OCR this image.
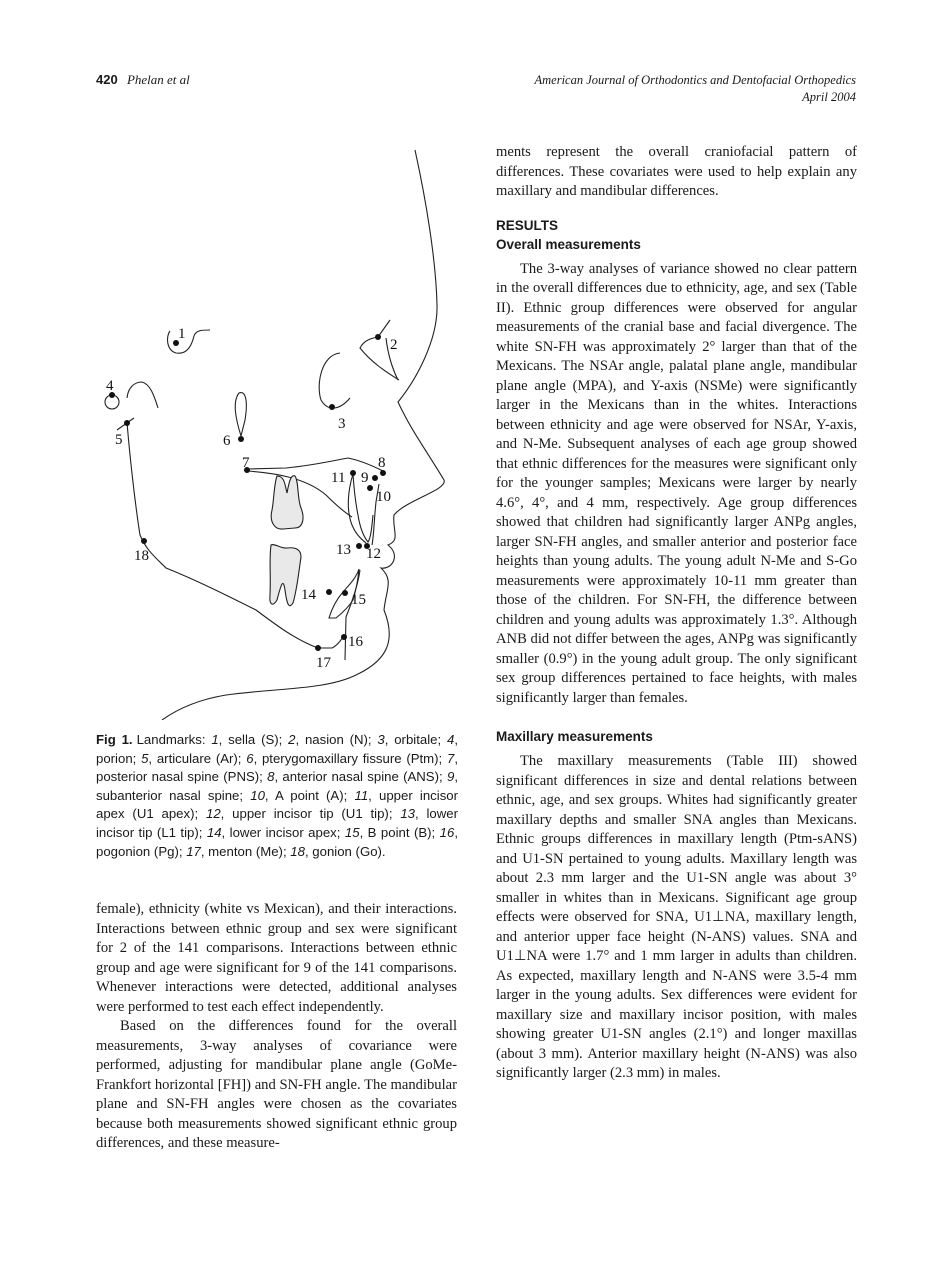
420 Phelan et al	American Journal of Orthodontics and Dentofacial Orthopedics
April 2004
1
2
3
4
5	6
7	8
9
10
11
12
13
14 15
16
17
18
Fig 1. Landmarks: 1, sella (S); 2, nasion (N); 3, orbitale; 4, porion; 5, articulare (Ar); 6, pterygomaxillary fissure (Ptm); 7, posterior nasal spine (PNS); 8, anterior nasal spine (ANS); 9, subanterior nasal spine; 10, A point (A); 11, upper incisor apex (U1 apex); 12, upper incisor tip (U1 tip); 13, lower incisor tip (L1 tip); 14, lower incisor apex; 15, B point (B); 16, pogonion (Pg); 17, menton (Me); 18, gonion (Go).

female), ethnicity (white vs Mexican), and their interactions. Interactions between ethnic group and sex were significant for 2 of the 141 comparisons. Interactions between ethnic group and age were significant for 9 of the 141 comparisons. Whenever interactions were detected, additional analyses were performed to test each effect independently.

Based on the differences found for the overall measurements, 3-way analyses of covariance were performed, adjusting for mandibular plane angle (GoMe-Frankfort horizontal [FH]) and SN-FH angle. The mandibular plane and SN-FH angles were chosen as the covariates because both measurements showed significant ethnic group differences, and these measure-

ments represent the overall craniofacial pattern of differences. These covariates were used to help explain any maxillary and mandibular differences.

RESULTS
Overall measurements

The 3-way analyses of variance showed no clear pattern in the overall differences due to ethnicity, age, and sex (Table II). Ethnic group differences were observed for angular measurements of the cranial base and facial divergence. The white SN-FH was approximately 2° larger than that of the Mexicans. The NSAr angle, palatal plane angle, mandibular plane angle (MPA), and Y-axis (NSMe) were significantly larger in the Mexicans than in the whites. Interactions between ethnicity and age were observed for NSAr, Y-axis, and N-Me. Subsequent analyses of each age group showed that ethnic differences for the measures were significant only for the younger samples; Mexicans were larger by nearly 4.6°, 4°, and 4 mm, respectively. Age group differences showed that children had significantly larger ANPg angles, larger SN-FH angles, and smaller anterior and posterior face heights than young adults. The young adult N-Me and S-Go measurements were approximately 10-11 mm greater than those of the children. For SN-FH, the difference between children and young adults was approximately 1.3°. Although ANB did not differ between the ages, ANPg was significantly smaller (0.9°) in the young adult group. The only significant sex group differences pertained to face heights, with males significantly larger than females.

Maxillary measurements

The maxillary measurements (Table III) showed significant differences in size and dental relations between ethnic, age, and sex groups. Whites had significantly greater maxillary depths and smaller SNA angles than Mexicans. Ethnic groups differences in maxillary length (Ptm-sANS) and U1-SN pertained to young adults. Maxillary length was about 2.3 mm larger and the U1-SN angle was about 3° smaller in whites than in Mexicans. Significant age group effects were observed for SNA, U1⊥NA, maxillary length, and anterior upper face height (N-ANS) values. SNA and U1⊥NA were 1.7° and 1 mm larger in adults than children. As expected, maxillary length and N-ANS were 3.5-4 mm larger in the young adults. Sex differences were evident for maxillary size and maxillary incisor position, with males showing greater U1-SN angles (2.1°) and longer maxillas (about 3 mm). Anterior maxillary height (N-ANS) was also significantly larger (2.3 mm) in males.
